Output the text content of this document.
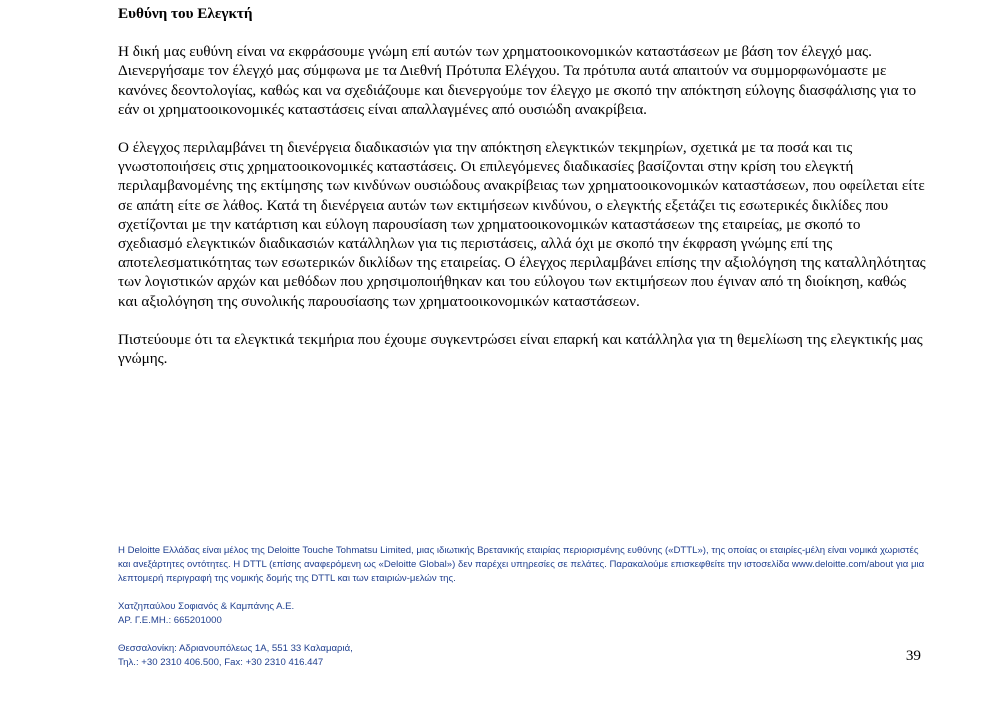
Ευθύνη του Ελεγκτή

Η δική μας ευθύνη είναι να εκφράσουμε γνώμη επί αυτών των χρηματοοικονομικών καταστάσεων με βάση τον έλεγχό μας. Διενεργήσαμε τον έλεγχό μας σύμφωνα με τα Διεθνή Πρότυπα Ελέγχου. Τα πρότυπα αυτά απαιτούν να συμμορφωνόμαστε με κανόνες δεοντολογίας, καθώς και να σχεδιάζουμε και διενεργούμε τον έλεγχο με σκοπό την απόκτηση εύλογης διασφάλισης για το εάν οι χρηματοοικονομικές καταστάσεις είναι απαλλαγμένες από ουσιώδη ανακρίβεια.

Ο έλεγχος περιλαμβάνει τη διενέργεια διαδικασιών για την απόκτηση ελεγκτικών τεκμηρίων, σχετικά με τα ποσά και τις γνωστοποιήσεις στις χρηματοοικονομικές καταστάσεις. Οι επιλεγόμενες διαδικασίες βασίζονται στην κρίση του ελεγκτή περιλαμβανομένης της εκτίμησης των κινδύνων ουσιώδους ανακρίβειας των χρηματοοικονομικών καταστάσεων, που οφείλεται είτε σε απάτη είτε σε λάθος. Κατά τη διενέργεια αυτών των εκτιμήσεων κινδύνου, ο ελεγκτής εξετάζει τις εσωτερικές δικλίδες που σχετίζονται με την κατάρτιση και εύλογη παρουσίαση των χρηματοοικονομικών καταστάσεων της εταιρείας, με σκοπό το σχεδιασμό ελεγκτικών διαδικασιών κατάλληλων για τις περιστάσεις, αλλά όχι με σκοπό την έκφραση γνώμης επί της αποτελεσματικότητας των εσωτερικών δικλίδων της εταιρείας. Ο έλεγχος περιλαμβάνει επίσης την αξιολόγηση της καταλληλότητας των λογιστικών αρχών και μεθόδων που χρησιμοποιήθηκαν και του εύλογου των εκτιμήσεων που έγιναν από τη διοίκηση, καθώς και αξιολόγηση της συνολικής παρουσίασης των χρηματοοικονομικών καταστάσεων.

Πιστεύουμε ότι τα ελεγκτικά τεκμήρια που έχουμε συγκεντρώσει είναι επαρκή και κατάλληλα για τη θεμελίωση της ελεγκτικής μας γνώμης.

Η Deloitte Ελλάδας είναι μέλος της Deloitte Touche Tohmatsu Limited, μιας ιδιωτικής Βρετανικής εταιρίας περιορισμένης ευθύνης («DTTL»), της οποίας οι εταιρίες-μέλη είναι νομικά χωριστές και ανεξάρτητες οντότητες. Η DTTL (επίσης αναφερόμενη ως «Deloitte Global») δεν παρέχει υπηρεσίες σε πελάτες. Παρακαλούμε επισκεφθείτε την ιστοσελίδα www.deloitte.com/about για μια λεπτομερή περιγραφή της νομικής δομής της DTTL και των εταιριών-μελών της.

Χατζηπαύλου Σοφιανός & Καμπάνης Α.Ε.

ΑΡ. Γ.Ε.ΜΗ.: 665201000

Θεσσαλονίκη: Αδριανουπόλεως 1Α, 551 33 Καλαμαριά,

Τηλ.: +30 2310 406.500, Fax: +30 2310 416.447	39
